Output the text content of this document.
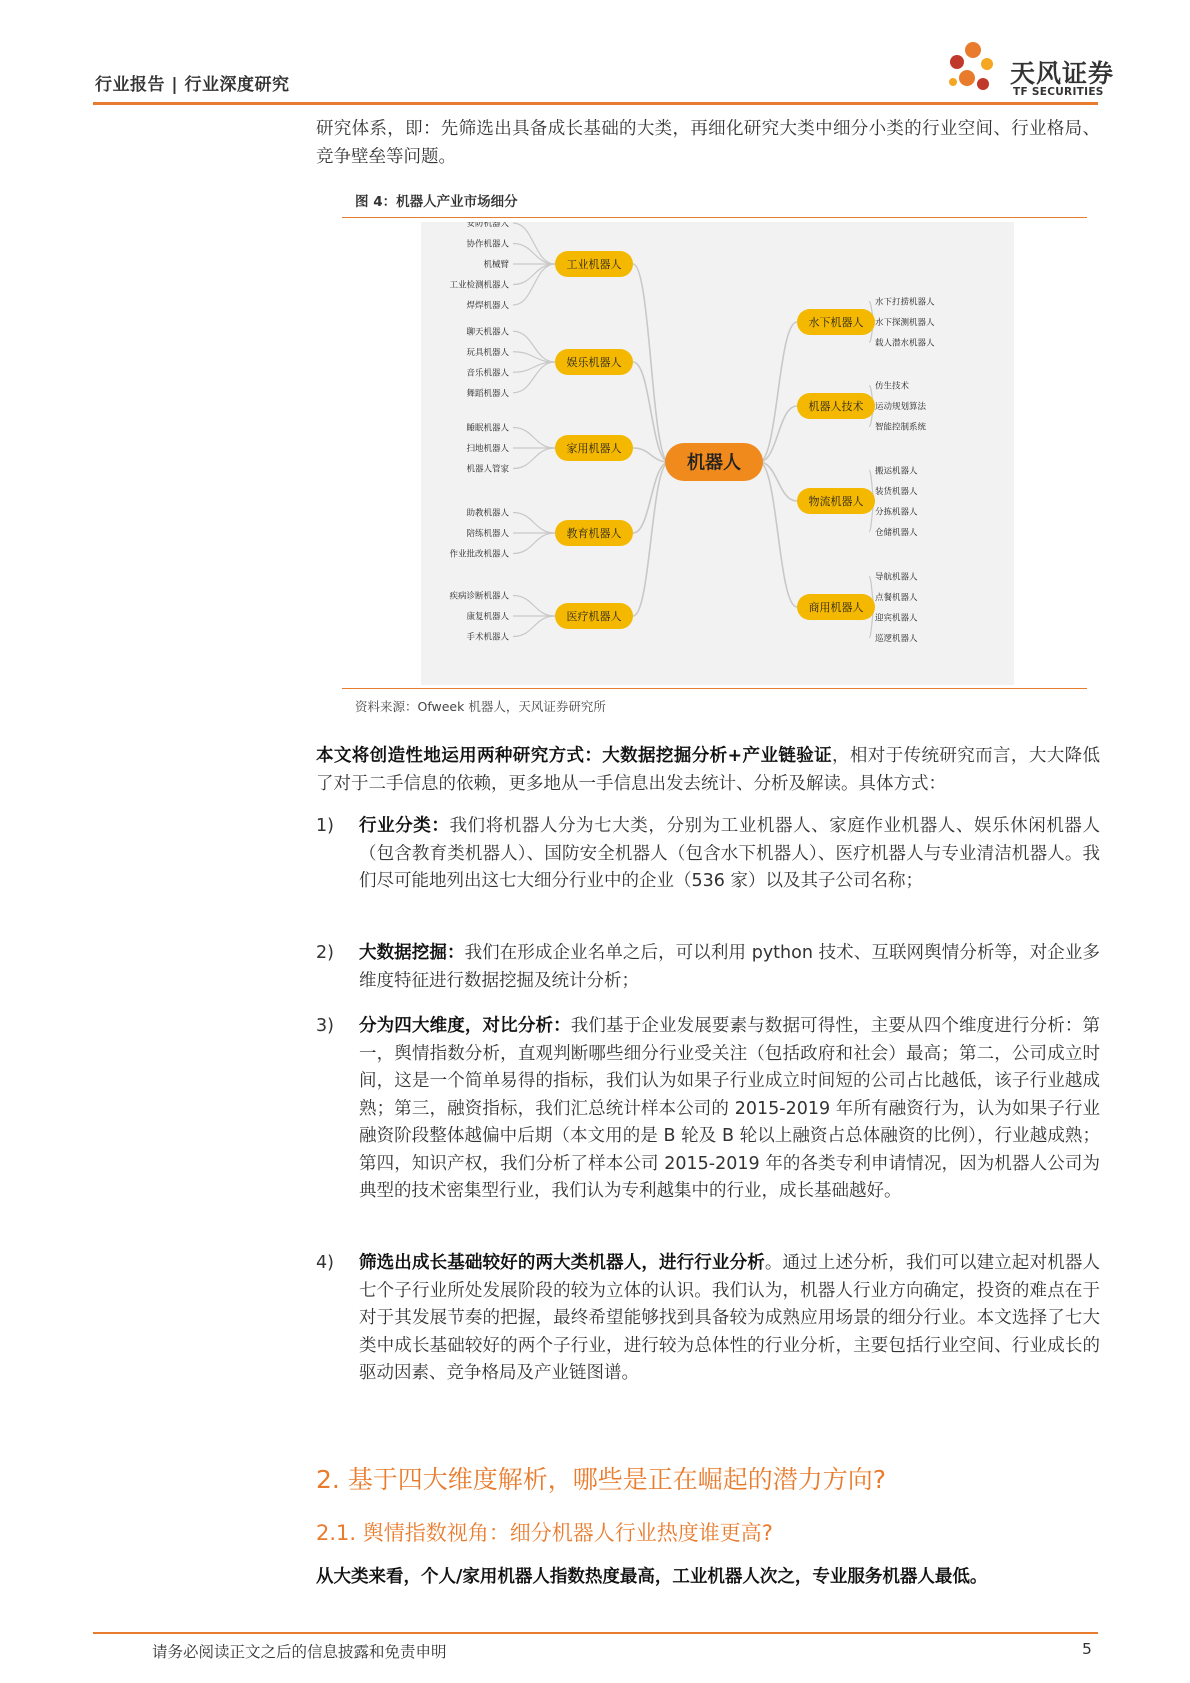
行业报告 | 行业深度研究	天风证券
TF SECURITIES
研究体系，即：先筛选出具备成长基础的大类，再细化研究大类中细分小类的行业空间、行业格局、竞争壁垒等问题。
图 4：机器人产业市场细分
安防机器人
协作机器人
机械臂
工业检测机器人
焊焊机器人
工业机器人
聊天机器人
玩具机器人
音乐机器人
舞蹈机器人
娱乐机器人
睡眠机器人
扫地机器人
机器人管家
家用机器人
助教机器人
陪练机器人
作业批改机器人
教育机器人
疾病诊断机器人
康复机器人
手术机器人
医疗机器人
水下打捞机器人
水下探测机器人
载人潜水机器人
水下机器人
仿生技术
运动规划算法
智能控制系统
机器人技术
搬运机器人
装货机器人
分拣机器人
仓储机器人
物流机器人
导航机器人
点餐机器人
迎宾机器人
巡逻机器人
商用机器人
机器人
资料来源：Ofweek 机器人，天风证券研究所
本文将创造性地运用两种研究方式：大数据挖掘分析+产业链验证，相对于传统研究而言，大大降低了对于二手信息的依赖，更多地从一手信息出发去统计、分析及解读。具体方式：
1)	行业分类：我们将机器人分为七大类，分别为工业机器人、家庭作业机器人、娱乐休闲机器人（包含教育类机器人）、国防安全机器人（包含水下机器人）、医疗机器人与专业清洁机器人。我们尽可能地列出这七大细分行业中的企业（536 家）以及其子公司名称；
2)	大数据挖掘：我们在形成企业名单之后，可以利用 python 技术、互联网舆情分析等，对企业多维度特征进行数据挖掘及统计分析；
3)	分为四大维度，对比分析：我们基于企业发展要素与数据可得性，主要从四个维度进行分析：第一，舆情指数分析，直观判断哪些细分行业受关注（包括政府和社会）最高；第二，公司成立时间，这是一个简单易得的指标，我们认为如果子行业成立时间短的公司占比越低，该子行业越成熟；第三，融资指标，我们汇总统计样本公司的 2015-2019 年所有融资行为，认为如果子行业融资阶段整体越偏中后期（本文用的是 B 轮及 B 轮以上融资占总体融资的比例），行业越成熟；第四，知识产权，我们分析了样本公司 2015-2019 年的各类专利申请情况，因为机器人公司为典型的技术密集型行业，我们认为专利越集中的行业，成长基础越好。
4)	筛选出成长基础较好的两大类机器人，进行行业分析。通过上述分析，我们可以建立起对机器人七个子行业所处发展阶段的较为立体的认识。我们认为，机器人行业方向确定，投资的难点在于对于其发展节奏的把握，最终希望能够找到具备较为成熟应用场景的细分行业。本文选择了七大类中成长基础较好的两个子行业，进行较为总体性的行业分析，主要包括行业空间、行业成长的驱动因素、竞争格局及产业链图谱。
2. 基于四大维度解析，哪些是正在崛起的潜力方向?
2.1. 舆情指数视角：细分机器人行业热度谁更高?
从大类来看，个人/家用机器人指数热度最高，工业机器人次之，专业服务机器人最低。
请务必阅读正文之后的信息披露和免责申明	5
